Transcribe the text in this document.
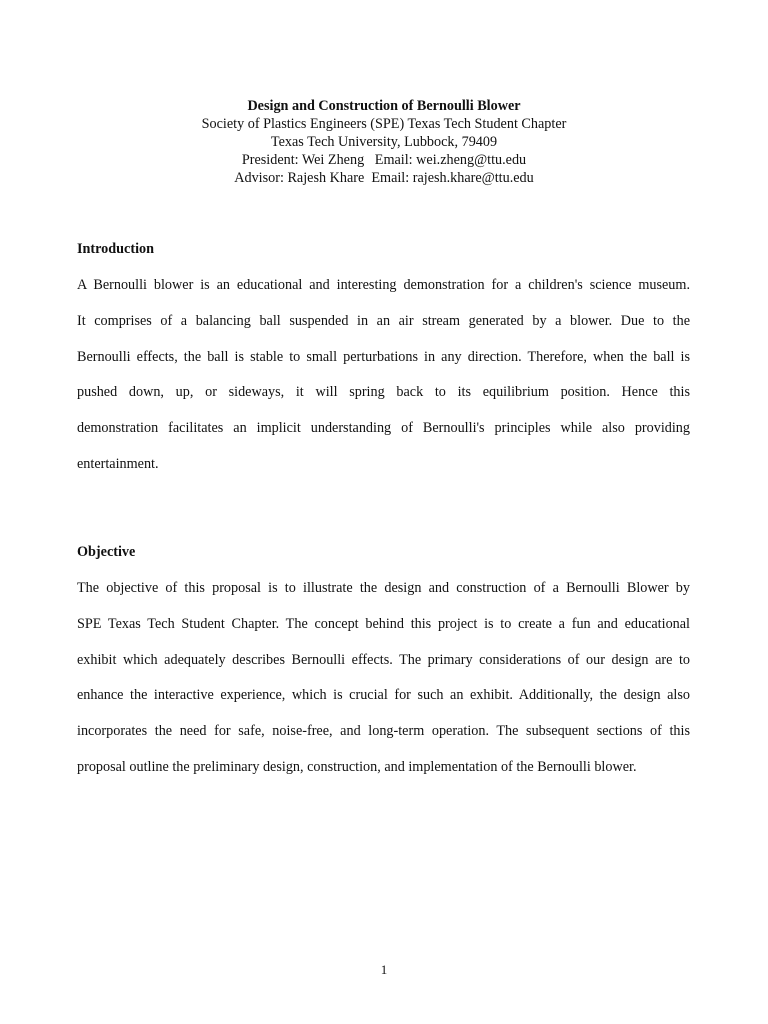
Design and Construction of Bernoulli Blower
Society of Plastics Engineers (SPE) Texas Tech Student Chapter
Texas Tech University, Lubbock, 79409
President: Wei Zheng   Email: wei.zheng@ttu.edu
Advisor: Rajesh Khare  Email: rajesh.khare@ttu.edu
Introduction
A Bernoulli blower is an educational and interesting demonstration for a children's science museum.
It comprises of a balancing ball suspended in an air stream generated by a blower. Due to the
Bernoulli effects, the ball is stable to small perturbations in any direction. Therefore, when the ball is
pushed down, up, or sideways, it will spring back to its equilibrium position. Hence this
demonstration facilitates an implicit understanding of Bernoulli's principles while also providing
entertainment.
Objective
The objective of this proposal is to illustrate the design and construction of a Bernoulli Blower by
SPE Texas Tech Student Chapter. The concept behind this project is to create a fun and educational
exhibit which adequately describes Bernoulli effects. The primary considerations of our design are to
enhance the interactive experience, which is crucial for such an exhibit. Additionally, the design also
incorporates the need for safe, noise-free, and long-term operation. The subsequent sections of this
proposal outline the preliminary design, construction, and implementation of the Bernoulli blower.
1
